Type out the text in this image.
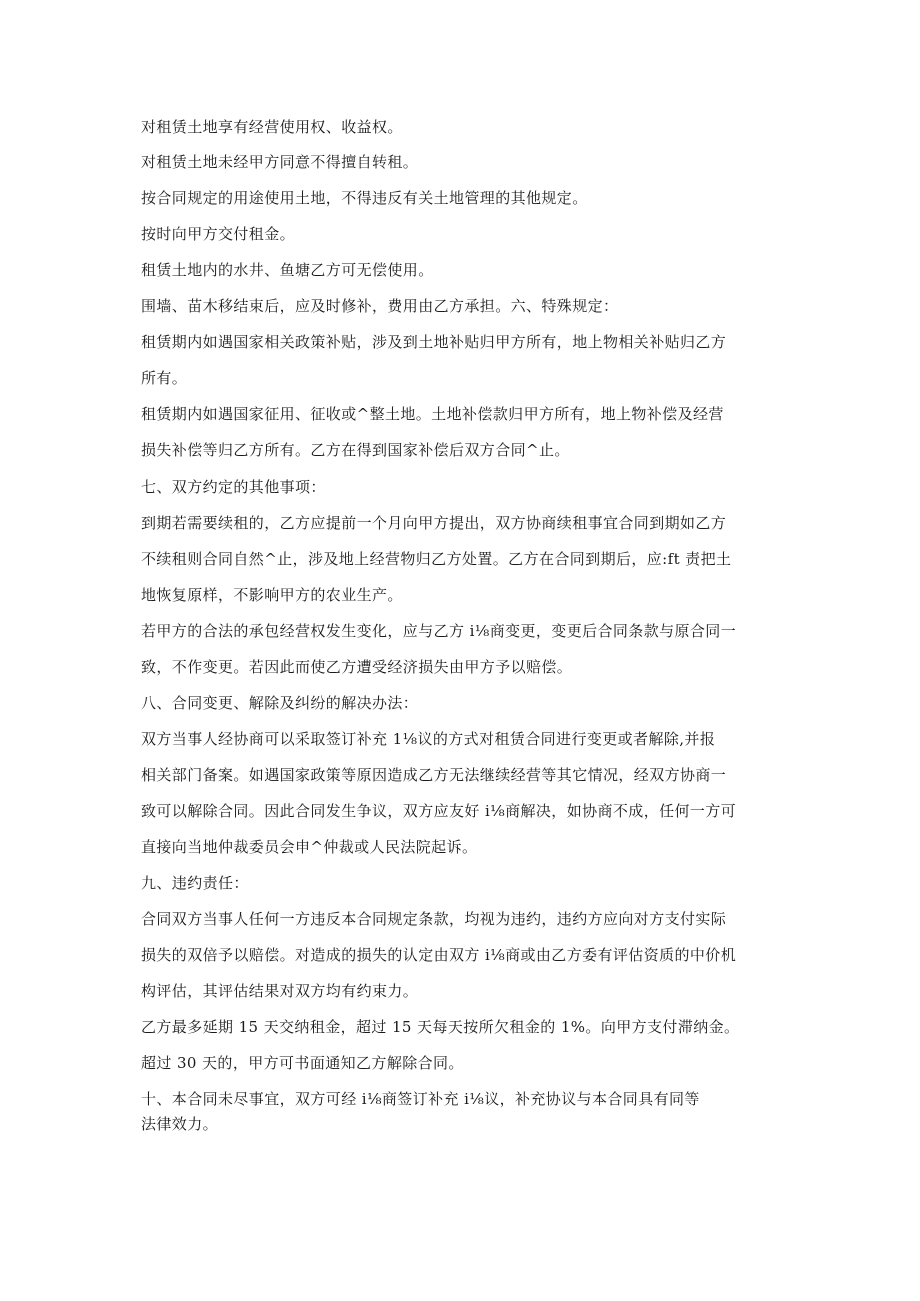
对租赁土地享有经营使用权、收益权。
对租赁土地未经甲方同意不得擅自转租。
按合同规定的用途使用土地，不得违反有关土地管理的其他规定。
按时向甲方交付租金。
租赁土地内的水井、鱼塘乙方可无偿使用。
围墙、苗木移结束后，应及时修补，费用由乙方承担。六、特殊规定：
租赁期内如遇国家相关政策补贴，涉及到土地补贴归甲方所有，地上物相关补贴归乙方
所有。
租赁期内如遇国家征用、征收或^整土地。土地补偿款归甲方所有，地上物补偿及经营
损失补偿等归乙方所有。乙方在得到国家补偿后双方合同^止。
七、双方约定的其他事项：
到期若需要续租的，乙方应提前一个月向甲方提出，双方协商续租事宜合同到期如乙方
不续租则合同自然^止，涉及地上经营物归乙方处置。乙方在合同到期后，应:ft 责把土
地恢复原样，不影响甲方的农业生产。
若甲方的合法的承包经营权发生变化，应与乙方 i⅛商变更，变更后合同条款与原合同一
致，不作变更。若因此而使乙方遭受经济损失由甲方予以赔偿。
八、合同变更、解除及纠纷的解决办法：
双方当事人经协商可以采取签订补充 1⅛议的方式对租赁合同进行变更或者解除,并报
相关部门备案。如遇国家政策等原因造成乙方无法继续经营等其它情况，经双方协商一
致可以解除合同。因此合同发生争议，双方应友好 i⅛商解决，如协商不成，任何一方可
直接向当地仲裁委员会申^仲裁或人民法院起诉。
九、违约责任：
合同双方当事人任何一方违反本合同规定条款，均视为违约，违约方应向对方支付实际
损失的双倍予以赔偿。对造成的损失的认定由双方 i⅛商或由乙方委有评估资质的中价机
构评估，其评估结果对双方均有约束力。
乙方最多延期 15 天交纳租金，超过 15 天每天按所欠租金的 1%。向甲方支付滞纳金。
超过 30 天的，甲方可书面通知乙方解除合同。
十、本合同未尽事宜，双方可经 i⅛商签订补充 i⅛议，补充协议与本合同具有同等
法律效力。
